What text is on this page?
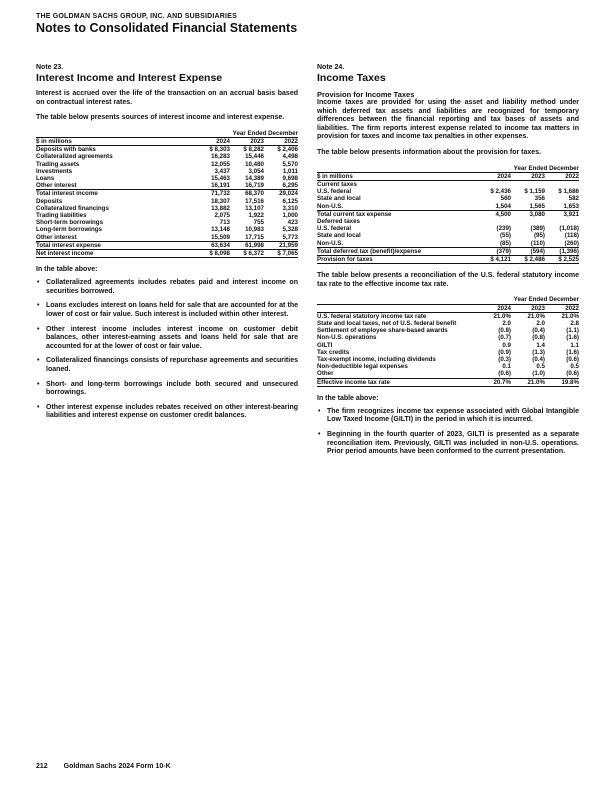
THE GOLDMAN SACHS GROUP, INC. AND SUBSIDIARIES
Notes to Consolidated Financial Statements
Note 23.
Interest Income and Interest Expense

Interest is accrued over the life of the transaction on an accrual basis based on contractual interest rates.

The table below presents sources of interest income and interest expense.

	Year Ended December		
$ in millions	2024	2023	2022
Deposits with banks	$ 8,303	$ 8,282	$ 2,406
Collateralized agreements	16,283	15,446	4,498
Trading assets	12,055	10,480	5,570
Investments	3,437	3,054	1,011
Loans	15,463	14,389	9,698
Other interest	16,191	16,719	6,295
Total interest income	71,732	68,370	29,024
Deposits	18,307	17,516	6,125
Collateralized financings	13,882	13,107	3,310
Trading liabilities	2,075	1,922	1,000
Short-term borrowings	713	755	423
Long-term borrowings	13,148	10,983	5,328
Other interest	15,509	17,715	5,773
Total interest expense	63,634	61,998	21,959
Net interest income	$ 8,098	$ 6,372	$ 7,065
In the table above:
• Collateralized agreements includes rebates paid and interest income on securities borrowed.
• Loans excludes interest on loans held for sale that are accounted for at the lower of cost or fair value. Such interest is included within other interest.
• Other interest income includes interest income on customer debit balances, other interest-earning assets and loans held for sale that are accounted for at the lower of cost or fair value.
• Collateralized financings consists of repurchase agreements and securities loaned.
• Short- and long-term borrowings include both secured and unsecured borrowings.
• Other interest expense includes rebates received on other interest-bearing liabilities and interest expense on customer credit balances.
Note 24.
Income Taxes
Provision for Income Taxes

Income taxes are provided for using the asset and liability method under which deferred tax assets and liabilities are recognized for temporary differences between the financial reporting and tax bases of assets and liabilities. The firm reports interest expense related to income tax matters in provision for taxes and income tax penalties in other expenses.

The table below presents information about the provision for taxes.

	Year Ended December		
$ in millions	2024	2023	2022
Current taxes			
U.S. federal	$ 2,436	$ 1,159	$ 1,686
State and local	560	356	582
Non-U.S.	1,504	1,565	1,653
Total current tax expense	4,500	3,080	3,921
Deferred taxes			
U.S. federal	(239)	(389)	(1,018)
State and local	(55)	(95)	(118)
Non-U.S.	(85)	(110)	(260)
Total deferred tax (benefit)/expense	(379)	(594)	(1,396)
Provision for taxes	$ 4,121	$ 2,486	$ 2,525

The table below presents a reconciliation of the U.S. federal statutory income tax rate to the effective income tax rate.

	Year Ended December		
	2024	2023	2022
U.S. federal statutory income tax rate	21.0%	21.0%	21.0%
State and local taxes, net of U.S. federal benefit	2.0	2.0	2.8
Settlement of employee share-based awards	(0.8)	(0.4)	(1.1)
Non-U.S. operations	(0.7)	(0.8)	(1.6)
GILTI	0.9	1.4	1.1
Tax credits	(0.9)	(1.3)	(1.6)
Tax-exempt income, including dividends	(0.3)	(0.4)	(0.6)
Non-deductible legal expenses	0.1	0.5	0.5
Other	(0.6)	(1.0)	(0.6)
Effective income tax rate	20.7%	21.0%	19.8%
In the table above:
• The firm recognizes income tax expense associated with Global Intangible Low Taxed Income (GILTI) in the period in which it is incurred.
• Beginning in the fourth quarter of 2023, GILTI is presented as a separate reconciliation item. Previously, GILTI was included in non-U.S. operations. Prior period amounts have been conformed to the current presentation.
212 Goldman Sachs 2024 Form 10-K
